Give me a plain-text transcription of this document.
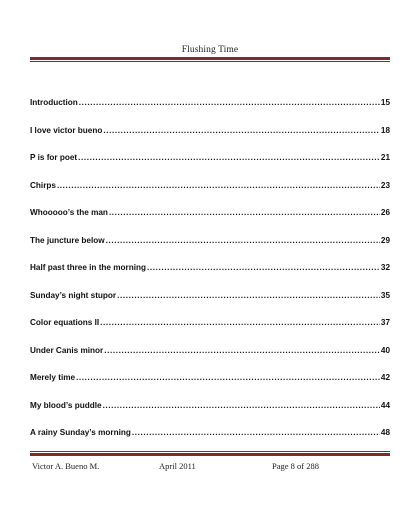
Flushing Time
Introduction .....	15
I love victor bueno .....	18
P is for poet .....	21
Chirps .....	23
Whooooo’s the man .....	26
The juncture below .....	29
Half past three in the morning .....	32
Sunday’s night stupor .....	35
Color equations II .....	37
Under Canis minor .....	40
Merely time .....	42
My blood’s puddle .....	44
A rainy Sunday’s morning .....	48
Victor A. Bueno M.	April 2011	Page 8 of 288
